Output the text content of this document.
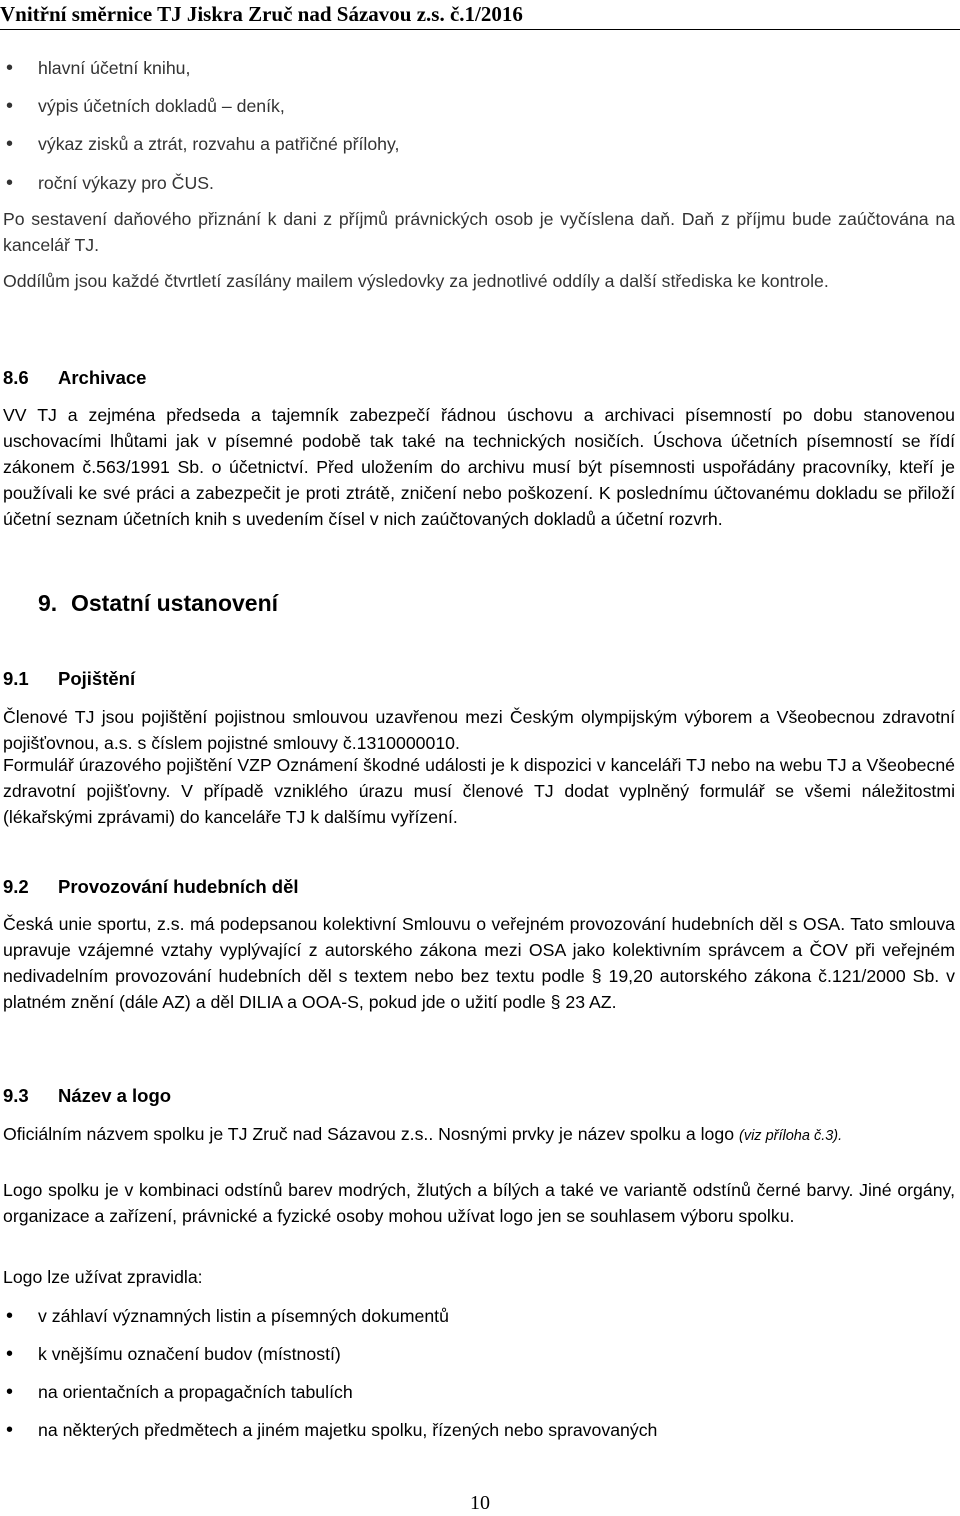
Vnitřní směrnice TJ Jiskra Zruč nad Sázavou z.s. č.1/2016
• hlavní účetní knihu,
• výpis účetních dokladů – deník,
• výkaz zisků a ztrát, rozvahu a patřičné přílohy,
• roční výkazy pro ČUS.
Po sestavení daňového přiznání k dani z příjmů právnických osob je vyčíslena daň. Daň z příjmu bude zaúčtována na kancelář TJ.
Oddílům jsou každé čtvrtletí zasílány mailem výsledovky za jednotlivé oddíly a další střediska ke kontrole.
8.6 Archivace
VV TJ a zejména předseda a tajemník zabezpečí řádnou úschovu a archivaci písemností po dobu stanovenou uschovacími lhůtami jak v písemné podobě tak také na technických nosičích. Úschova účetních písemností se řídí zákonem č.563/1991 Sb. o účetnictví. Před uložením do archivu musí být písemnosti uspořádány pracovníky, kteří je používali ke své práci a zabezpečit je proti ztrátě, zničení nebo poškození. K poslednímu účtovanému dokladu se přiloží účetní seznam účetních knih s uvedením čísel v nich zaúčtovaných dokladů a účetní rozvrh.
9. Ostatní ustanovení
9.1 Pojištění
Členové TJ jsou pojištění pojistnou smlouvou uzavřenou mezi Českým olympijským výborem a Všeobecnou zdravotní pojišťovnou, a.s. s číslem pojistné smlouvy č.1310000010.
Formulář úrazového pojištění VZP Oznámení škodné události je k dispozici v kanceláři TJ nebo na webu TJ a Všeobecné zdravotní pojišťovny. V případě vzniklého úrazu musí členové TJ dodat vyplněný formulář se všemi náležitostmi (lékařskými zprávami) do kanceláře TJ k dalšímu vyřízení.
9.2 Provozování hudebních děl
Česká unie sportu, z.s. má podepsanou kolektivní Smlouvu o veřejném provozování hudebních děl s OSA. Tato smlouva upravuje vzájemné vztahy vyplývající z autorského zákona mezi OSA jako kolektivním správcem a ČOV při veřejném nedivadelním provozování hudebních děl s textem nebo bez textu podle § 19,20 autorského zákona č.121/2000 Sb. v platném znění (dále AZ) a děl DILIA a OOA-S, pokud jde o užití podle § 23 AZ.
9.3 Název a logo
Oficiálním názvem spolku je TJ Zruč nad Sázavou z.s.. Nosnými prvky je název spolku a logo (viz příloha č.3).
Logo spolku je v kombinaci odstínů barev modrých, žlutých a bílých a také ve variantě odstínů černé barvy. Jiné orgány, organizace a zařízení, právnické a fyzické osoby mohou užívat logo jen se souhlasem výboru spolku.
Logo lze užívat zpravidla:
• v záhlaví významných listin a písemných dokumentů
• k vnějšímu označení budov (místností)
• na orientačních a propagačních tabulích
• na některých předmětech a jiném majetku spolku, řízených nebo spravovaných
10
